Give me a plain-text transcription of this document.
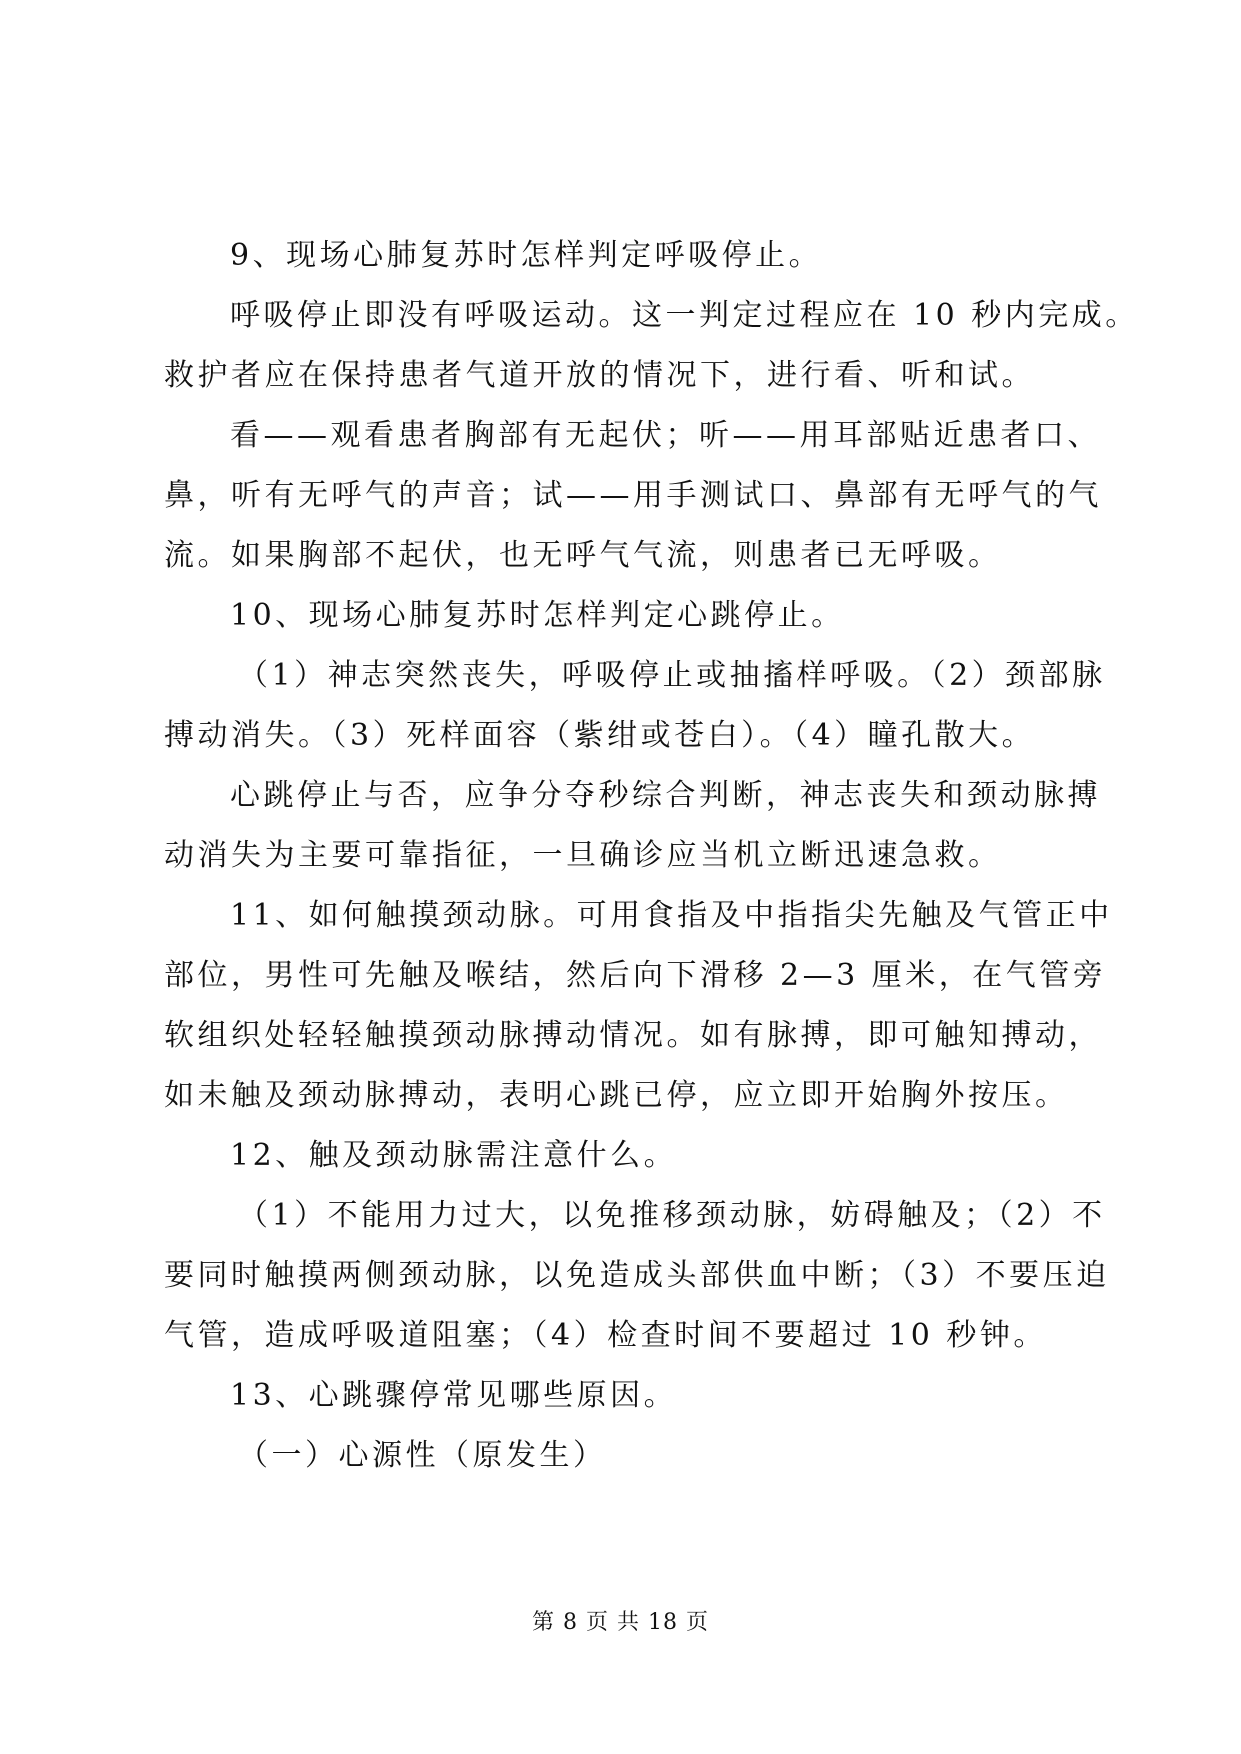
9、现场心肺复苏时怎样判定呼吸停止。
呼吸停止即没有呼吸运动。这一判定过程应在 10 秒内完成。
救护者应在保持患者气道开放的情况下，进行看、听和试。
看——观看患者胸部有无起伏；听——用耳部贴近患者口、
鼻，听有无呼气的声音；试——用手测试口、鼻部有无呼气的气
流。如果胸部不起伏，也无呼气气流，则患者已无呼吸。
10、现场心肺复苏时怎样判定心跳停止。
（1）神志突然丧失，呼吸停止或抽搐样呼吸。（2）颈部脉
搏动消失。（3）死样面容（紫绀或苍白）。（4）瞳孔散大。
心跳停止与否，应争分夺秒综合判断，神志丧失和颈动脉搏
动消失为主要可靠指征，一旦确诊应当机立断迅速急救。
11、如何触摸颈动脉。可用食指及中指指尖先触及气管正中
部位，男性可先触及喉结，然后向下滑移 2—3 厘米，在气管旁
软组织处轻轻触摸颈动脉搏动情况。如有脉搏，即可触知搏动，
如未触及颈动脉搏动，表明心跳已停，应立即开始胸外按压。
12、触及颈动脉需注意什么。
（1）不能用力过大，以免推移颈动脉，妨碍触及；（2）不
要同时触摸两侧颈动脉，以免造成头部供血中断；（3）不要压迫
气管，造成呼吸道阻塞；（4）检查时间不要超过 10 秒钟。
13、心跳骤停常见哪些原因。
（一）心源性（原发生）
第 8 页 共 18 页
